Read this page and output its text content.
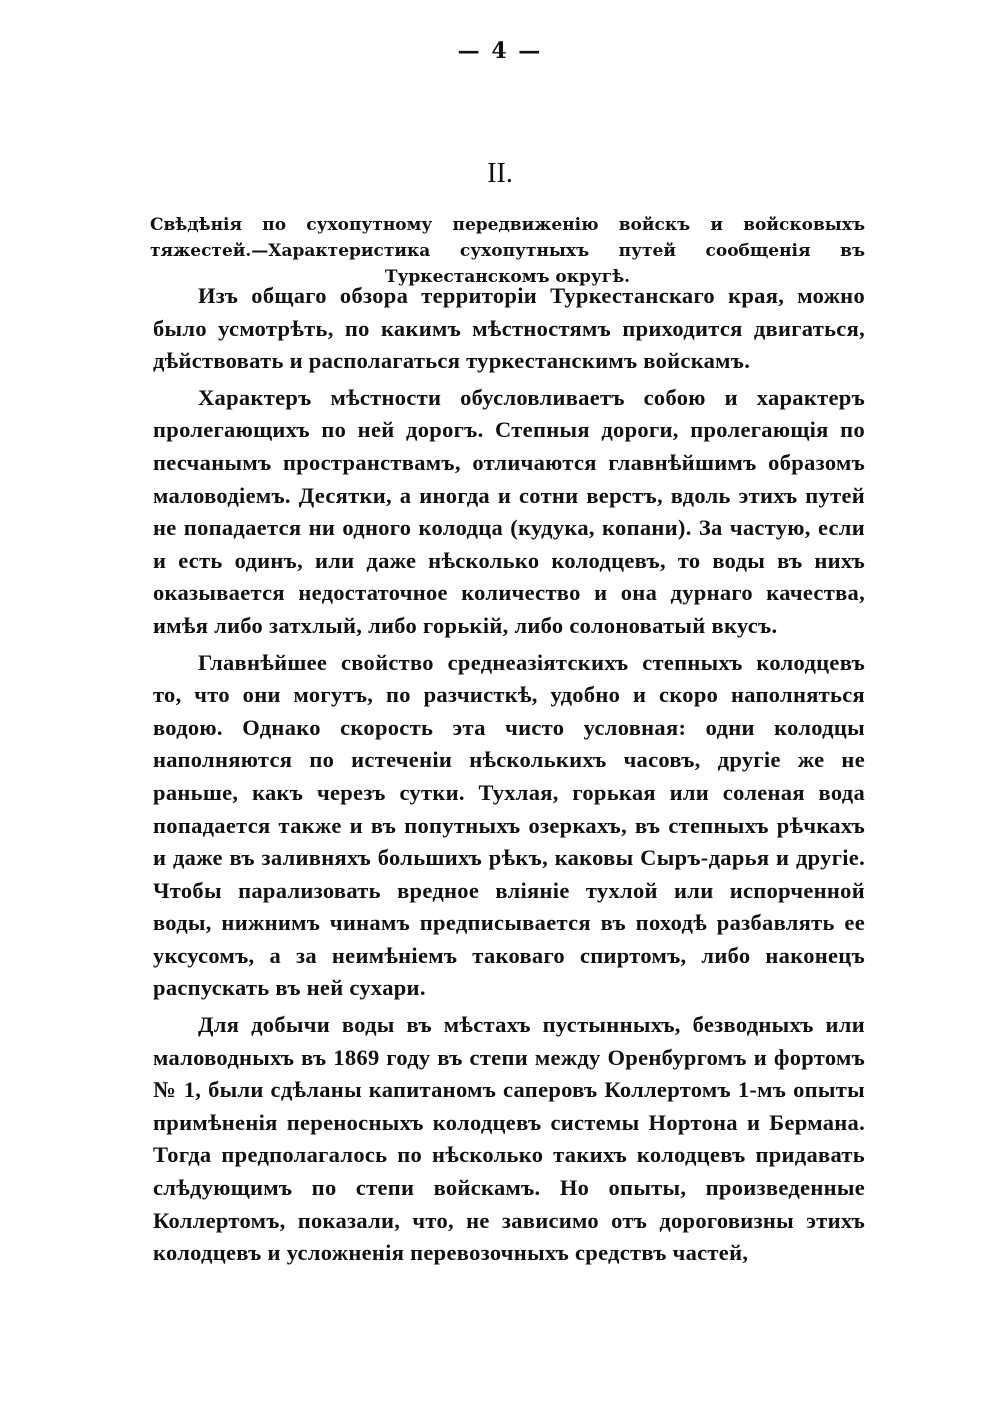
— 4 —
II.
Свѣдѣнія по сухопутному передвиженію войскъ и войсковыхъ тяжестей.—Характеристика сухопутныхъ путей сообщенія въ Туркестанскомъ округѣ.

Изъ общаго обзора территоріи Туркестанскаго края, можно было усмотрѣть, по какимъ мѣстностямъ приходится двигаться, дѣйствовать и располагаться туркестанскимъ войскамъ.

Характеръ мѣстности обусловливаетъ собою и характеръ пролегающихъ по ней дорогъ. Степныя дороги, пролегающія по песчанымъ пространствамъ, отличаются главнѣйшимъ образомъ маловодіемъ. Десятки, а иногда и сотни верстъ, вдоль этихъ путей не попадается ни одного колодца (кудука, копани). За частую, если и есть одинъ, или даже нѣсколько колодцевъ, то воды въ нихъ оказывается недостаточное количество и она дурнаго качества, имѣя либо затхлый, либо горькій, либо солоноватый вкусъ.

Главнѣйшее свойство среднеазіятскихъ степныхъ колодцевъ то, что они могутъ, по разчисткѣ, удобно и скоро наполняться водою. Однако скорость эта чисто условная: одни колодцы наполняются по истеченіи нѣсколькихъ часовъ, другіе же не раньше, какъ черезъ сутки. Тухлая, горькая или соленая вода попадается также и въ попутныхъ озеркахъ, въ степныхъ рѣчкахъ и даже въ заливняхъ большихъ рѣкъ, каковы Сыръ-дарья и другіе. Чтобы парализовать вредное вліяніе тухлой или испорченной воды, нижнимъ чинамъ предписывается въ походѣ разбавлять ее уксусомъ, а за неимѣніемъ таковаго спиртомъ, либо наконецъ распускать въ ней сухари.

Для добычи воды въ мѣстахъ пустынныхъ, безводныхъ или маловодныхъ въ 1869 году въ степи между Оренбургомъ и фортомъ № 1, были сдѣланы капитаномъ саперовъ Коллертомъ 1-мъ опыты примѣненія переносныхъ колодцевъ системы Нортона и Бермана. Тогда предполагалось по нѣсколько такихъ колодцевъ придавать слѣдующимъ по степи войскамъ. Но опыты, произведенные Коллертомъ, показали, что, не зависимо отъ дороговизны этихъ колодцевъ и усложненія перевозочныхъ средствъ частей,
